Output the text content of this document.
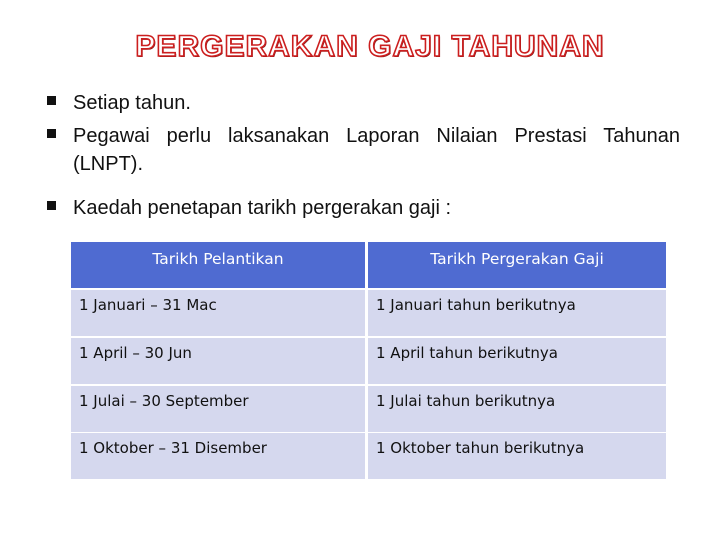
PERGERAKAN GAJI TAHUNAN
Setiap tahun.
Pegawai perlu laksanakan Laporan Nilaian Prestasi Tahunan (LNPT).
Kaedah penetapan tarikh pergerakan gaji :
Tarikh Pelantikan	Tarikh Pergerakan Gaji
1 Januari – 31 Mac	1 Januari tahun berikutnya
1 April – 30 Jun	1 April tahun berikutnya
1 Julai – 30 September	1 Julai tahun berikutnya
1 Oktober – 31 Disember	1 Oktober tahun berikutnya
